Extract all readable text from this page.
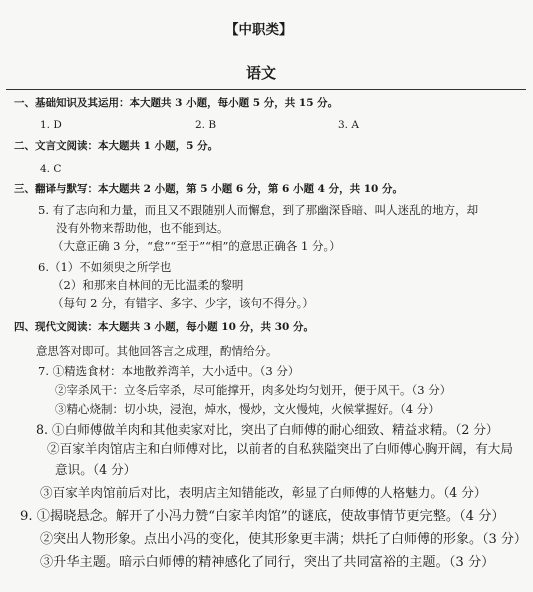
【中职类】
语文
一、基础知识及其运用：本大题共 3 小题，每小题 5 分，共 15 分。
1. D	2. B	3. A
二、文言文阅读：本大题共 1 小题，5 分。
4. C
三、翻译与默写：本大题共 2 小题，第 5 小题 6 分，第 6 小题 4 分，共 10 分。
5. 有了志向和力量，而且又不跟随别人而懈怠，到了那幽深昏暗、叫人迷乱的地方，却
没有外物来帮助他，也不能到达。
（大意正确 3 分，“怠”“至于”“相”的意思正确各 1 分。）
6.（1）不如须臾之所学也
（2）和那来自林间的无比温柔的黎明
（每句 2 分，有错字、多字、少字，该句不得分。）
四、现代文阅读：本大题共 3 小题，每小题 10 分，共 30 分。
意思答对即可。其他回答言之成理，酌情给分。
7. ①精选食材：本地散养湾羊，大小适中。（3 分）
②宰杀风干：立冬后宰杀，尽可能撑开，肉多处均匀划开，便于风干。（3 分）
③精心烧制：切小块，浸泡，焯水，慢炒，文火慢炖，火候掌握好。（4 分）
8. ①白师傅做羊肉和其他卖家对比，突出了白师傅的耐心细致、精益求精。（2 分）
②百家羊肉馆店主和白师傅对比，以前者的自私狭隘突出了白师傅心胸开阔，有大局
意识。（4 分）
③百家羊肉馆前后对比，表明店主知错能改，彰显了白师傅的人格魅力。（4 分）
9. ①揭晓悬念。解开了小冯力赞“白家羊肉馆”的谜底，使故事情节更完整。（4 分）
②突出人物形象。点出小冯的变化，使其形象更丰满；烘托了白师傅的形象。（3 分）
③升华主题。暗示白师傅的精神感化了同行，突出了共同富裕的主题。（3 分）
